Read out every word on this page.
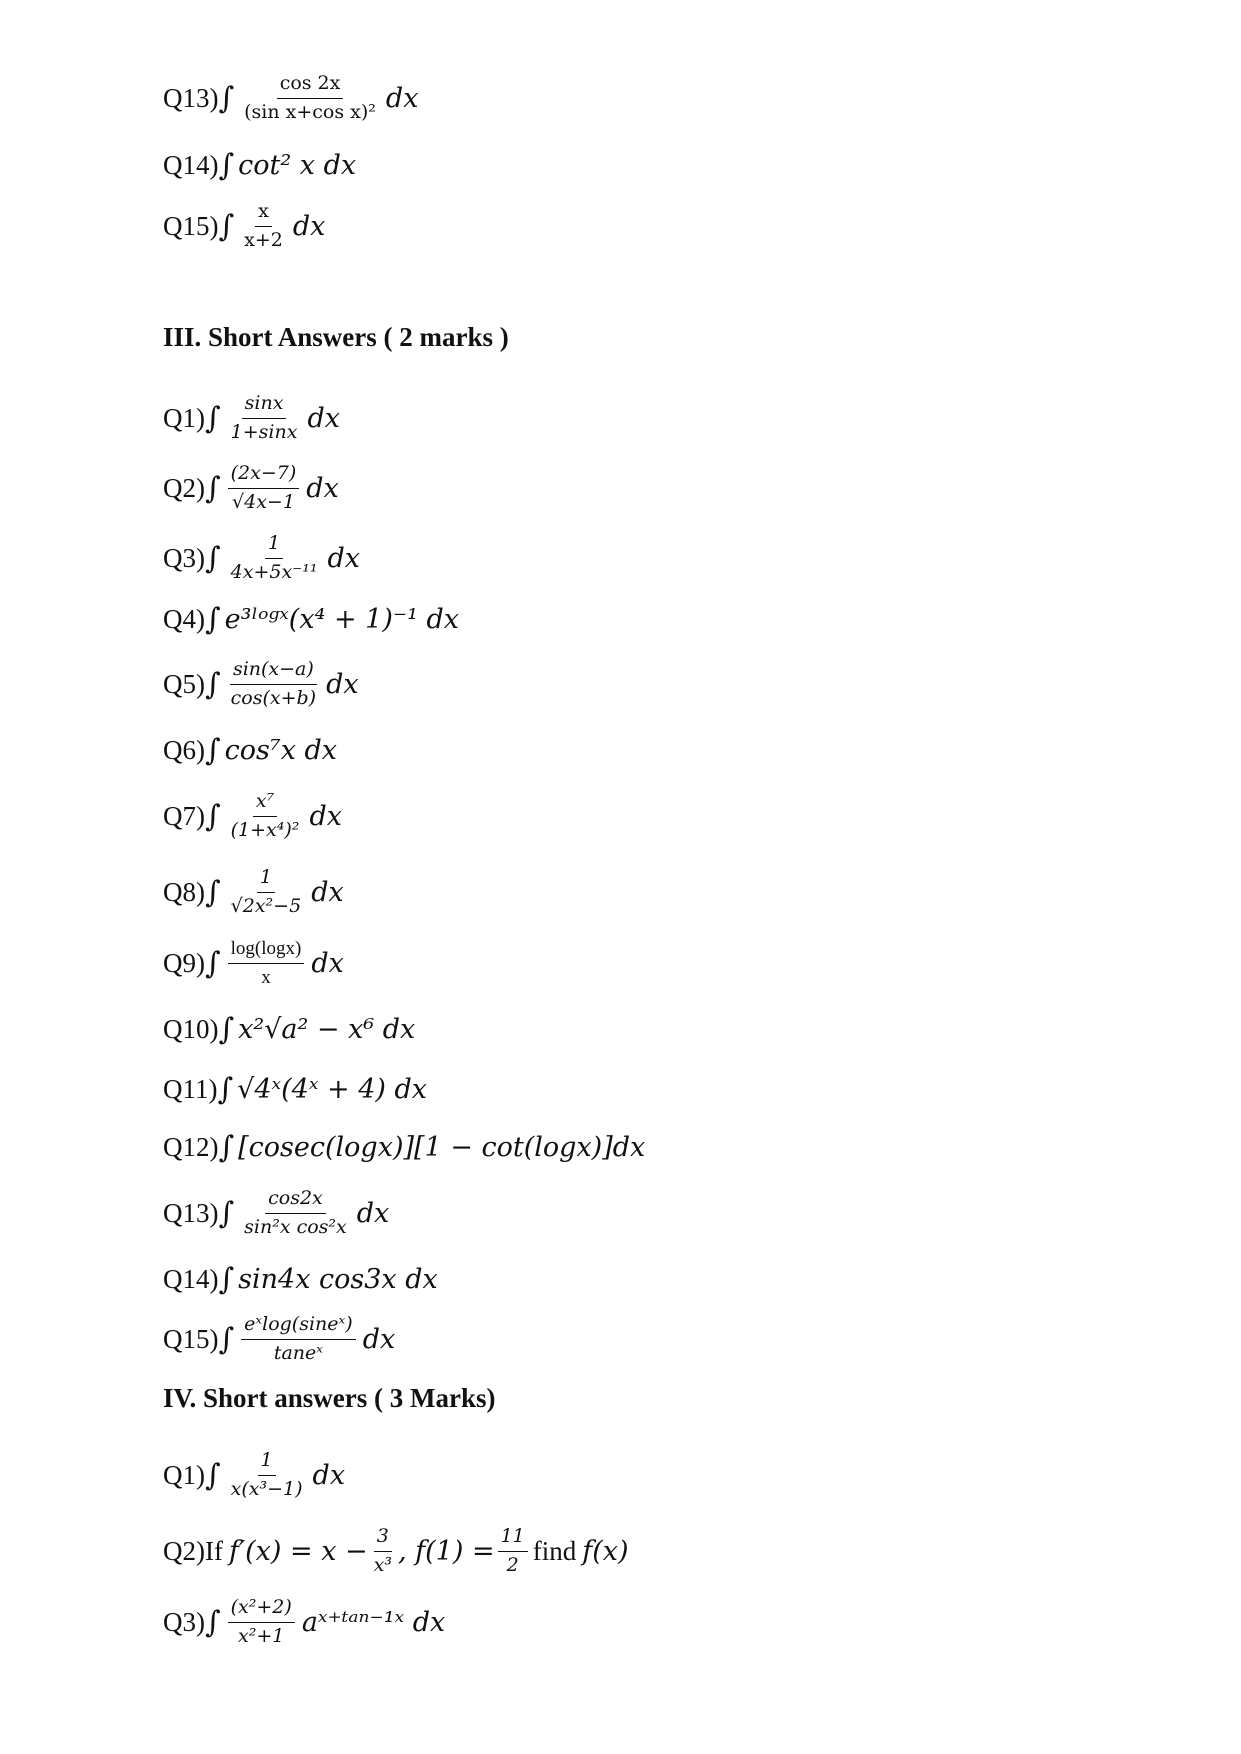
Q13) ∫ $\frac{\cos 2x}{\text{(sin x+cos x)²}}$ dx
Q14) ∫ cot² x dx
Q15) ∫ $\frac{x}{x+2}$ dx
III. Short Answers ( 2 marks )
Q1) ∫ $\frac{\sin x}{1+\sin x}$ dx
Q2) ∫ $\frac{(2x-7)}{√4x-1}$ dx
Q3) ∫ $\frac{1}{\text{4x+5x⁻¹¹}}$ dx
Q4) ∫ e³ˡᵒᵍˣ(x⁴ + 1)⁻¹ dx
Q5) ∫ $\frac{\sin(x-a)}{\cos(x+b)}$ dx
Q6) ∫ cos⁷x dx
Q7) ∫ $\frac{\text{x⁷}}{\text{(1+x⁴)²}}$ dx
Q8) ∫ $\frac{1}{\text{√2x²−5}}$ dx
Q9) ∫ $\frac{\log(\log x)}{x}$ dx
Q10) ∫ x²√a² − x⁶ dx
Q11) ∫ √4ˣ(4ˣ + 4) dx
Q12) ∫ [cosec(logx)][1 − cot(logx)]dx
Q13) ∫ $\frac{\cos 2x}{\text{sin²x cos²x}}$ dx
Q14) ∫ sin4x cos3x dx
Q15) ∫ $\frac{\text{eˣlog(sineˣ)}}{\text{taneˣ}}$ dx
IV. Short answers ( 3 Marks)
Q1) ∫ $\frac{1}{\text{x(x³−1)}}$ dx
Q2)If $f'(x) = x - \frac{3}{\text{x³}}$ , $f(1) = \frac{11}{2}$ find f(x)
Q3) ∫ $\frac{\text{(x²+2)}}{\text{x²+1}}$ aˣ⁺ᵗᵃⁿ⁻¹ˣ dx
